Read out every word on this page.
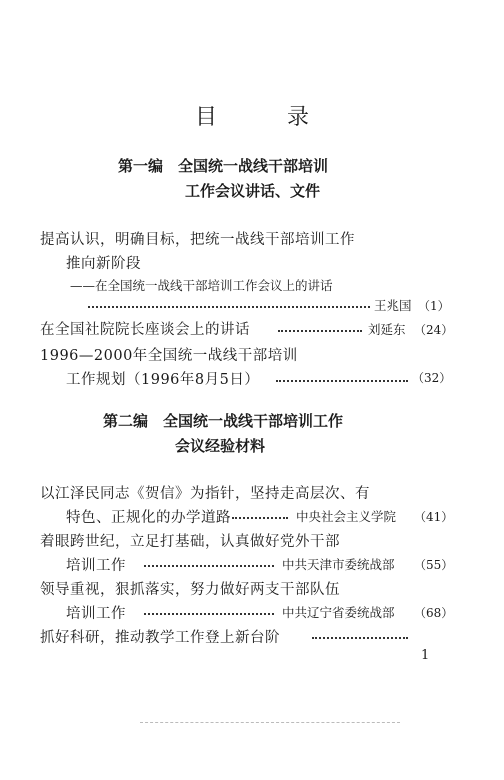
目　录
第一编　全国统一战线干部培训
工作会议讲话、文件
提高认识，明确目标，把统一战线干部培训工作
推向新阶段
——在全国统一战线干部培训工作会议上的讲话
王兆国 （1）
在全国社院院长座谈会上的讲话	刘延东 （24）
1996—2000年全国统一战线干部培训
工作规划（1996年8月5日）	（32）
第二编　全国统一战线干部培训工作
会议经验材料
以江泽民同志《贺信》为指针，坚持走高层次、有
特色、正规化的办学道路	中央社会主义学院 （41）
着眼跨世纪，立足打基础，认真做好党外干部
培训工作	中共天津市委统战部 （55）
领导重视，狠抓落实，努力做好两支干部队伍
培训工作	中共辽宁省委统战部 （68）
抓好科研，推动教学工作登上新台阶
1
